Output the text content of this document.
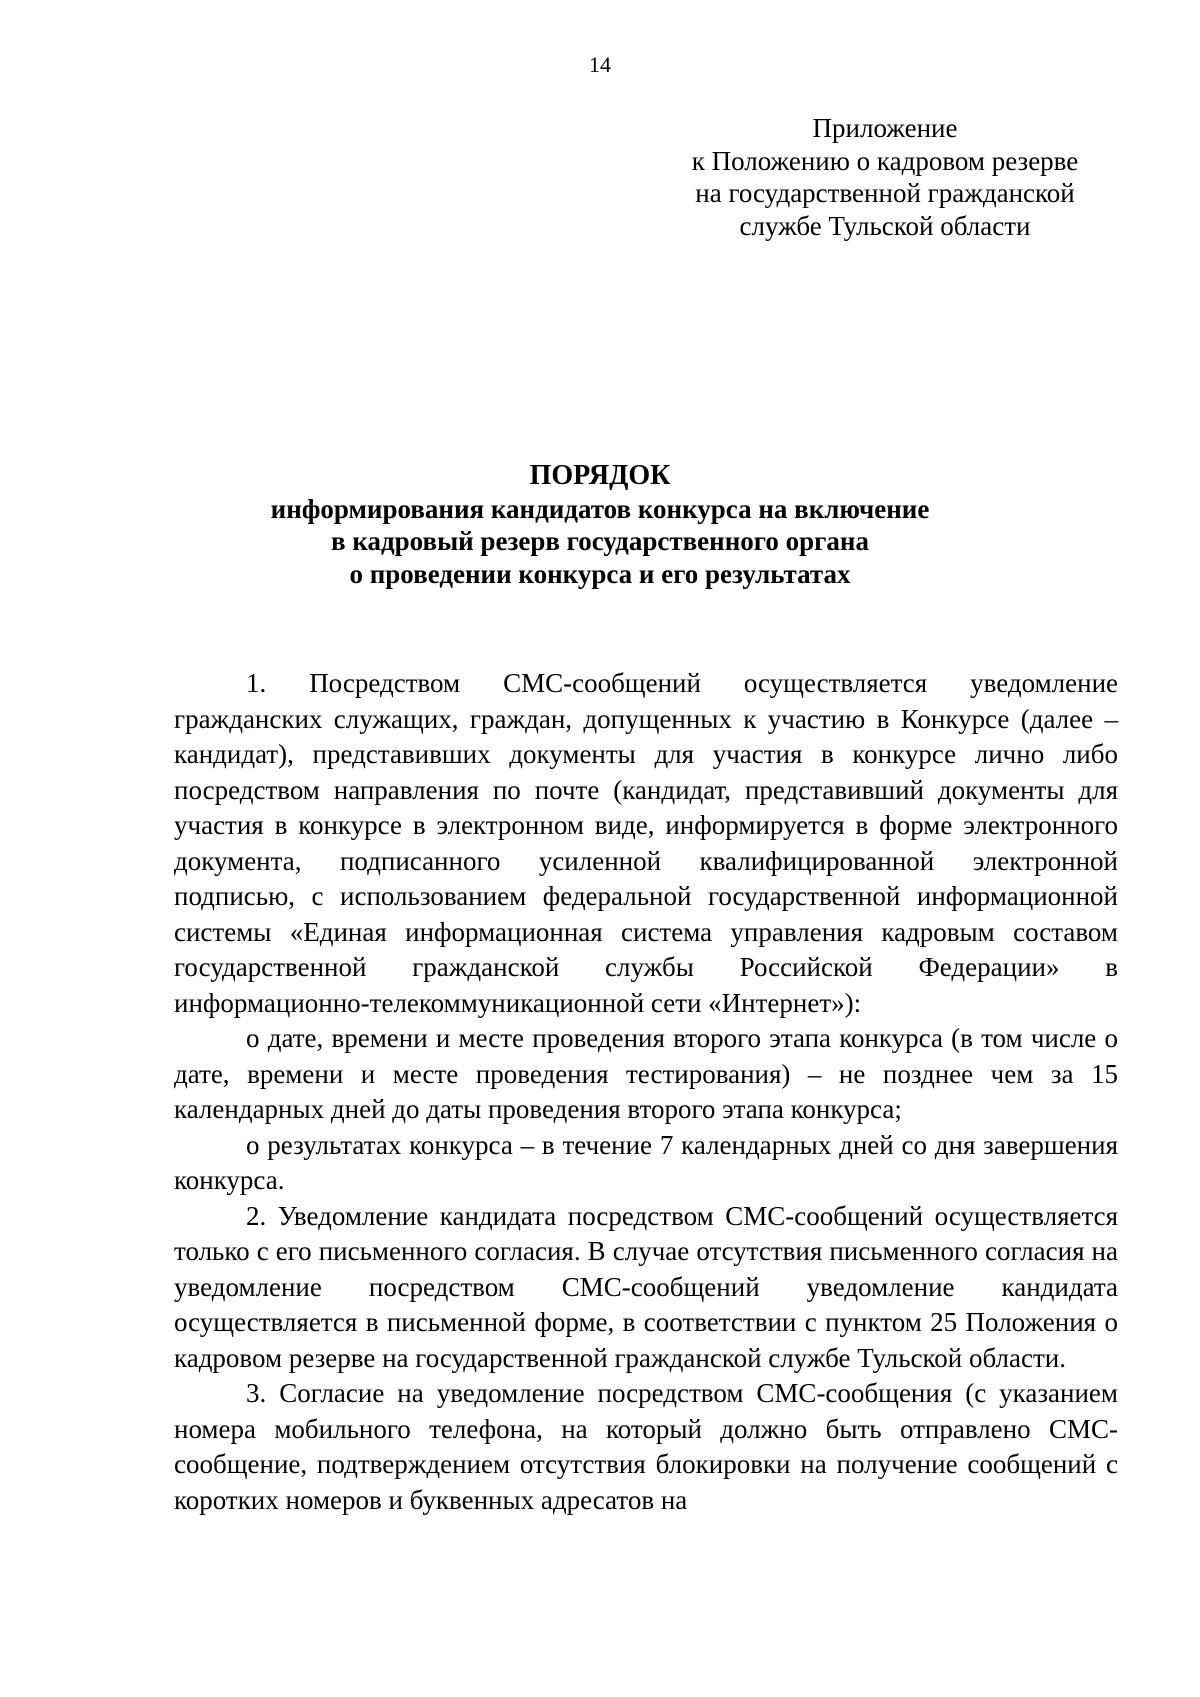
14
Приложение
к Положению о кадровом резерве
на государственной гражданской
службе Тульской области
ПОРЯДОК
информирования кандидатов конкурса на включение
в кадровый резерв государственного органа
о проведении конкурса и его результатах

1. Посредством СМС-сообщений осуществляется уведомление гражданских служащих, граждан, допущенных к участию в Конкурсе (далее – кандидат), представивших документы для участия в конкурсе лично либо посредством направления по почте (кандидат, представивший документы для участия в конкурсе в электронном виде, информируется в форме электронного документа, подписанного усиленной квалифицированной электронной подписью, с использованием федеральной государственной информационной системы «Единая информационная система управления кадровым составом государственной гражданской службы Российской Федерации» в информационно-телекоммуникационной сети «Интернет»):

о дате, времени и месте проведения второго этапа конкурса (в том числе о дате, времени и месте проведения тестирования) – не позднее чем за 15 календарных дней до даты проведения второго этапа конкурса;

о результатах конкурса – в течение 7 календарных дней со дня завершения конкурса.

2. Уведомление кандидата посредством СМС-сообщений осуществляется только с его письменного согласия. В случае отсутствия письменного согласия на уведомление посредством СМС-сообщений уведомление кандидата осуществляется в письменной форме, в соответствии с пунктом 25 Положения о кадровом резерве на государственной гражданской службе Тульской области.

3. Согласие на уведомление посредством СМС-сообщения (с указанием номера мобильного телефона, на который должно быть отправлено СМС-сообщение, подтверждением отсутствия блокировки на получение сообщений с коротких номеров и буквенных адресатов на
